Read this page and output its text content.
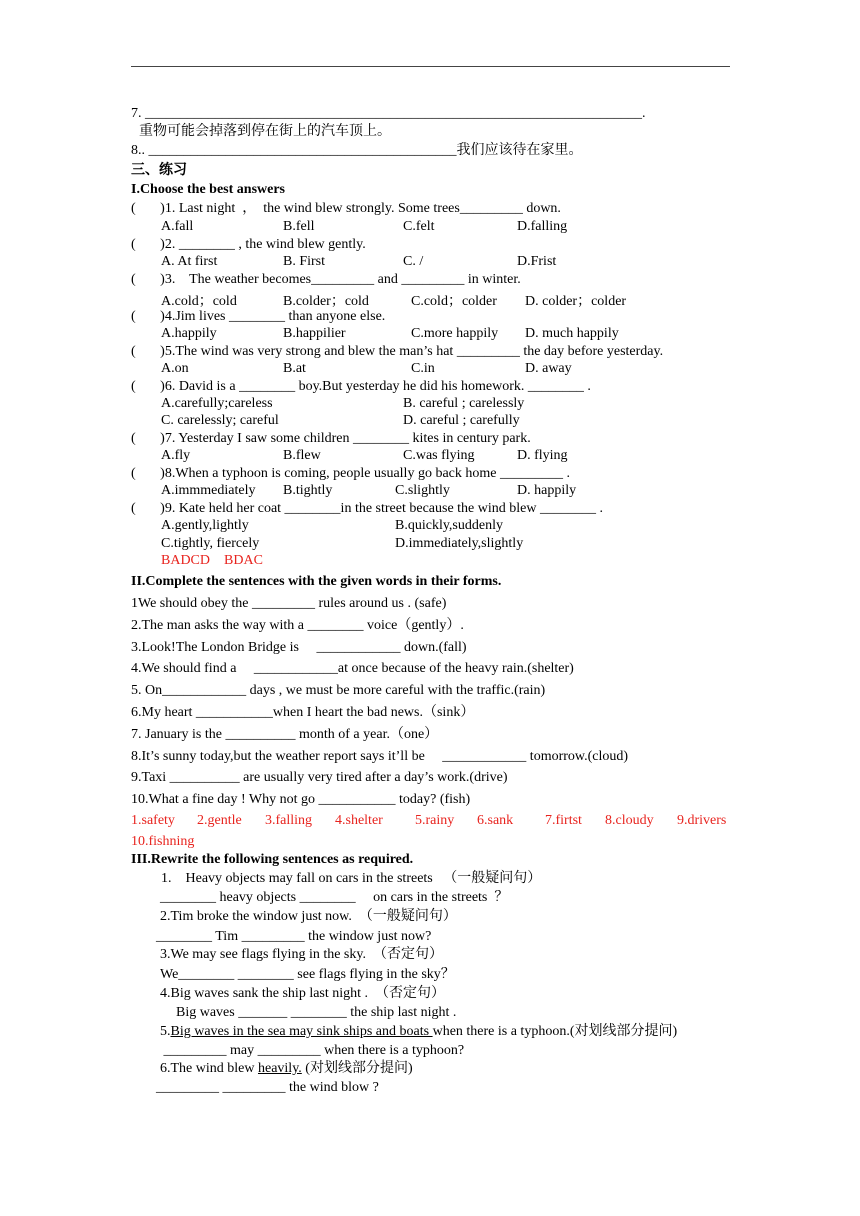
7. _______________________________________________________________________.
重物可能会掉落到停在街上的汽车顶上。
8.. ____________________________________________我们应该待在家里。
三、练习
I.Choose the best answers
(       )1. Last night  ，  the wind blew strongly. Some trees_________ down.
A.fall	B.fell	C.felt	D.falling
(       )2. ________ , the wind blew gently.
A. At first	B. First	C. /	D.Frist
(       )3.    The weather becomes_________ and _________ in winter.
A.cold；cold	B.colder；cold	C.cold；colder D. colder；colder
(       )4.Jim lives ________ than anyone else.
A.happily	B.happilier	C.more happily D. much happily
(       )5.The wind was very strong and blew the man’s hat _________ the day before yesterday.
A.on	B.at	C.in	D. away
(       )6. David is a ________ boy.But yesterday he did his homework. ________ .
A.carefully;careless	B. careful ; carelessly
C. carelessly; careful	D. careful ; carefully
(       )7. Yesterday I saw some children ________ kites in century park.
A.fly	B.flew	C.was flying	D. flying
(       )8.When a typhoon is coming, people usually go back home _________ .
A.immmediately B.tightly	C.slightly	D. happily
(       )9. Kate held her coat ________in the street because the wind blew ________ .
A.gently,lightly	B.quickly,suddenly
C.tightly, fiercely	D.immediately,slightly
BADCD    BDAC
II.Complete the sentences with the given words in their forms.
1We should obey the _________ rules around us . (safe)
2.The man asks the way with a ________ voice（gently）.
3.Look!The London Bridge is     ____________ down.(fall)
4.We should find a     ____________at once because of the heavy rain.(shelter)
5. On____________ days , we must be more careful with the traffic.(rain)
6.My heart ___________when I heart the bad news.（sink）
7. January is the __________ month of a year.（one）
8.It’s sunny today,but the weather report says it’ll be     ____________ tomorrow.(cloud)
9.Taxi __________ are usually very tired after a day’s work.(drive)
10.What a fine day ! Why not go ___________ today? (fish)
1.safety 2.gentle 3.falling 4.shelter 5.rainy 6.sank 7.firtst 8.cloudy 9.drivers
10.fishning
III.Rewrite the following sentences as required.
1.    Heavy objects may fall on cars in the streets   （一般疑问句）
________ heavy objects ________     on cars in the streets  ？
2.Tim broke the window just now.  （一般疑问句）
________ Tim _________ the window just now?
3.We may see flags flying in the sky.  （否定句）
We________ ________ see flags flying in the sky？
4.Big waves sank the ship last night .  （否定句）
Big waves _______ ________ the ship last night .
5.Big waves in the sea may sink ships and boats when there is a typhoon.(对划线部分提问)
_________ may _________ when there is a typhoon?
6.The wind blew heavily. (对划线部分提问)
_________ _________ the wind blow ?
